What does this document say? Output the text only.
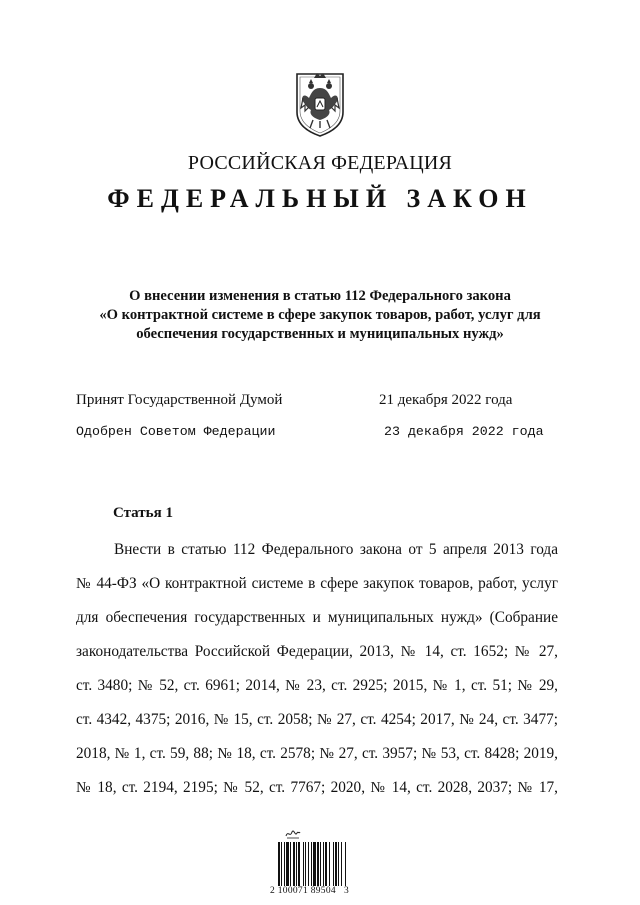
РОССИЙСКАЯ ФЕДЕРАЦИЯ
ФЕДЕРАЛЬНЫЙ ЗАКОН
О внесении изменения в статью 112 Федерального закона
«О контрактной системе в сфере закупок товаров, работ, услуг для
обеспечения государственных и муниципальных нужд»
Принят Государственной Думой	21 декабря 2022 года
Одобрен Советом Федерации	23 декабря 2022 года
Статья 1
Внести в статью 112 Федерального закона от 5 апреля 2013 года
№ 44-ФЗ «О контрактной системе в сфере закупок товаров, работ, услуг
для обеспечения государственных и муниципальных нужд» (Собрание
законодательства Российской Федерации, 2013, № 14, ст. 1652; № 27,
ст. 3480; № 52, ст. 6961; 2014, № 23, ст. 2925; 2015, № 1, ст. 51; № 29,
ст. 4342, 4375; 2016, № 15, ст. 2058; № 27, ст. 4254; 2017, № 24, ст. 3477;
2018, № 1, ст. 59, 88; № 18, ст. 2578; № 27, ст. 3957; № 53, ст. 8428; 2019,
№ 18, ст. 2194, 2195; № 52, ст. 7767; 2020, № 14, ст. 2028, 2037; № 17,
2 100071 89504   3
